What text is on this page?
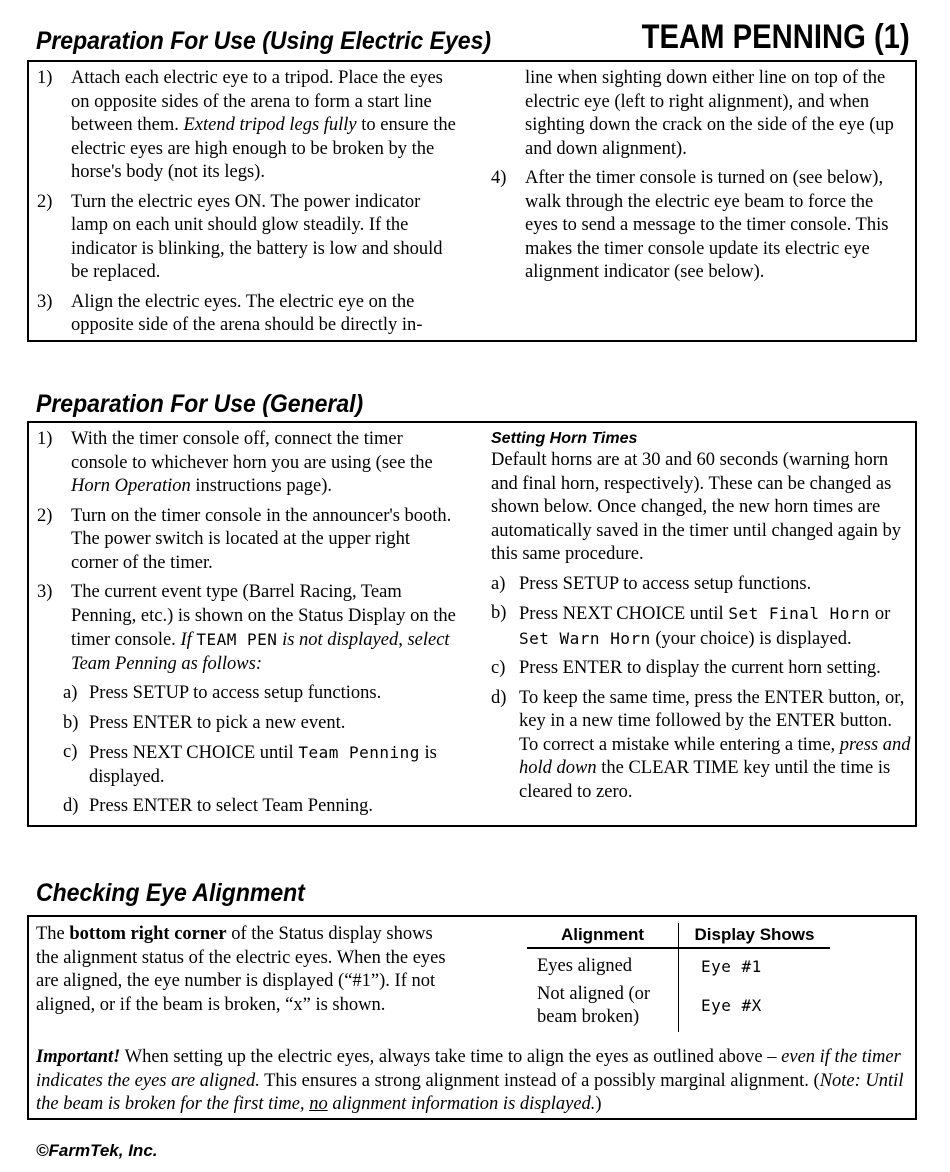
Preparation For Use (Using Electric Eyes)	TEAM PENNING (1)
1) Attach each electric eye to a tripod. Place the eyes on opposite sides of the arena to form a start line between them. Extend tripod legs fully to ensure the electric eyes are high enough to be broken by the horse's body (not its legs).
2) Turn the electric eyes ON. The power indicator lamp on each unit should glow steadily. If the indicator is blinking, the battery is low and should be replaced.
3) Align the electric eyes. The electric eye on the opposite side of the arena should be directly in-
line when sighting down either line on top of the electric eye (left to right alignment), and when sighting down the crack on the side of the eye (up and down alignment).
4) After the timer console is turned on (see below), walk through the electric eye beam to force the eyes to send a message to the timer console. This makes the timer console update its electric eye alignment indicator (see below).
Preparation For Use (General)
1) With the timer console off, connect the timer console to whichever horn you are using (see the Horn Operation instructions page).
2) Turn on the timer console in the announcer's booth. The power switch is located at the upper right corner of the timer.
3) The current event type (Barrel Racing, Team Penning, etc.) is shown on the Status Display on the timer console. If TEAM PEN is not displayed, select Team Penning as follows:
a) Press SETUP to access setup functions.
b) Press ENTER to pick a new event.
c) Press NEXT CHOICE until Team Penning is displayed.
d) Press ENTER to select Team Penning.
Setting Horn Times
Default horns are at 30 and 60 seconds (warning horn and final horn, respectively). These can be changed as shown below. Once changed, the new horn times are automatically saved in the timer until changed again by this same procedure.
a) Press SETUP to access setup functions.
b) Press NEXT CHOICE until Set Final Horn or Set Warn Horn (your choice) is displayed.
c) Press ENTER to display the current horn setting.
d) To keep the same time, press the ENTER button, or, key in a new time followed by the ENTER button. To correct a mistake while entering a time, press and hold down the CLEAR TIME key until the time is cleared to zero.
Checking Eye Alignment
The bottom right corner of the Status display shows the alignment status of the electric eyes. When the eyes are aligned, the eye number is displayed (“#1”). If not aligned, or if the beam is broken, “x” is shown.
Alignment	Display Shows
Eyes aligned	Eye #1
Not aligned (or beam broken)	Eye #X
Important! When setting up the electric eyes, always take time to align the eyes as outlined above – even if the timer indicates the eyes are aligned. This ensures a strong alignment instead of a possibly marginal alignment. (Note: Until the beam is broken for the first time, no alignment information is displayed.)
©FarmTek, Inc.
